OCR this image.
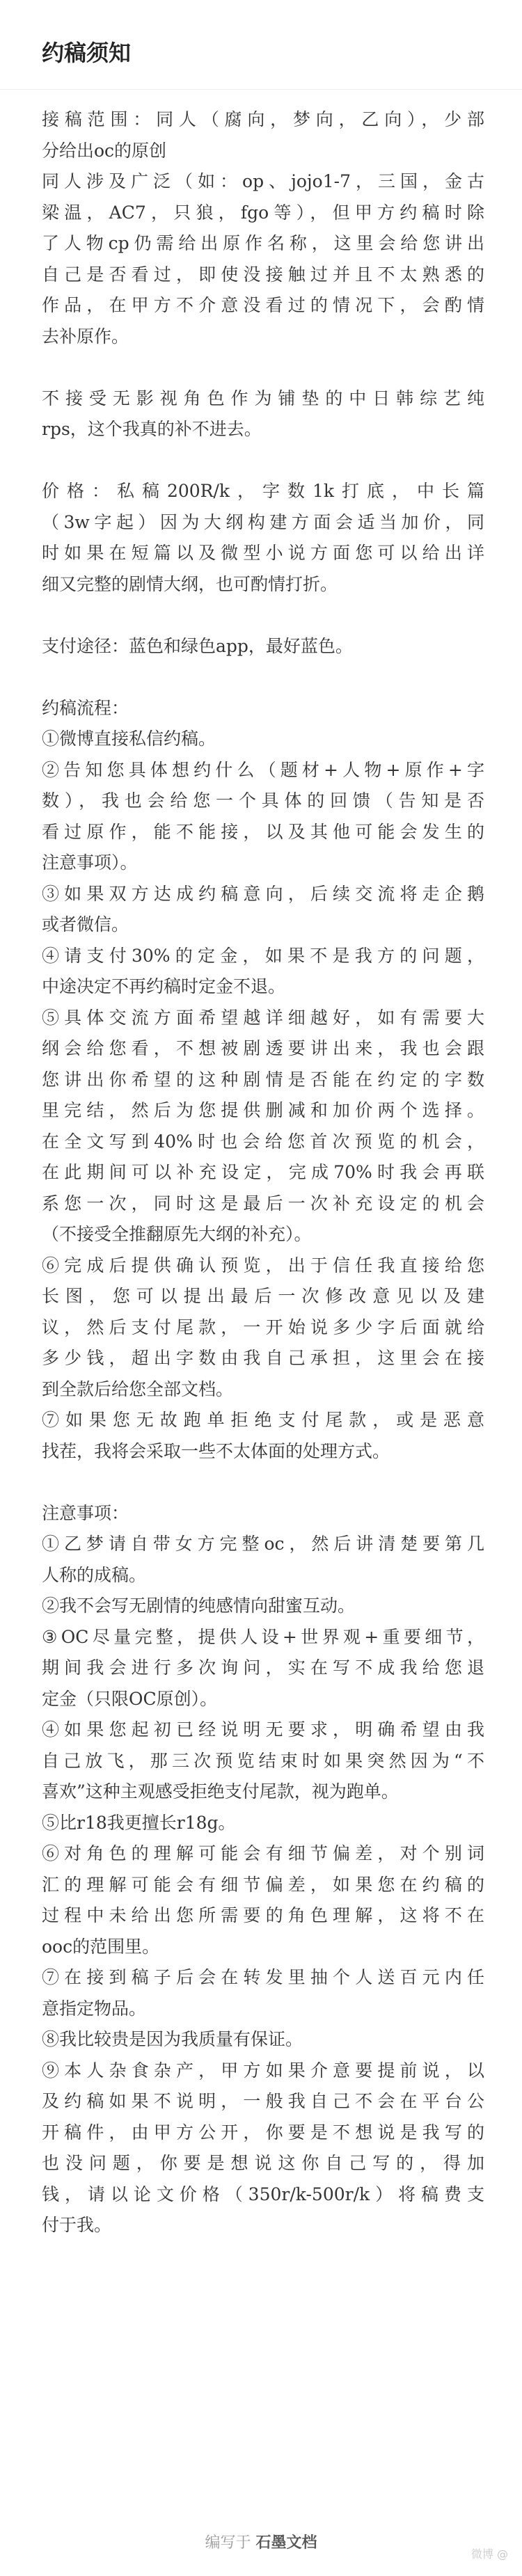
约稿须知

接稿范围：同人（腐向，梦向，乙向），少部

分给出oc的原创

同人涉及广泛（如：op、jojo1-7，三国，金古

梁温，AC7，只狼，fgo等），但甲方约稿时除

了人物cp仍需给出原作名称，这里会给您讲出

自己是否看过，即使没接触过并且不太熟悉的

作品，在甲方不介意没看过的情况下，会酌情

去补原作。

不接受无影视角色作为铺垫的中日韩综艺纯

rps，这个我真的补不进去。

价格：私稿200R/k，字数1k打底，中长篇

（3w字起）因为大纲构建方面会适当加价，同

时如果在短篇以及微型小说方面您可以给出详

细又完整的剧情大纲，也可酌情打折。

支付途径：蓝色和绿色app，最好蓝色。

约稿流程：

①微博直接私信约稿。

②告知您具体想约什么（题材+人物+原作+字

数），我也会给您一个具体的回馈（告知是否

看过原作，能不能接，以及其他可能会发生的

注意事项）。

③如果双方达成约稿意向，后续交流将走企鹅

或者微信。

④请支付30%的定金，如果不是我方的问题，

中途决定不再约稿时定金不退。

⑤具体交流方面希望越详细越好，如有需要大

纲会给您看，不想被剧透要讲出来，我也会跟

您讲出你希望的这种剧情是否能在约定的字数

里完结，然后为您提供删减和加价两个选择。

在全文写到40%时也会给您首次预览的机会，

在此期间可以补充设定，完成70%时我会再联

系您一次，同时这是最后一次补充设定的机会

（不接受全推翻原先大纲的补充）。

⑥完成后提供确认预览，出于信任我直接给您

长图，您可以提出最后一次修改意见以及建

议，然后支付尾款，一开始说多少字后面就给

多少钱，超出字数由我自己承担，这里会在接

到全款后给您全部文档。

⑦如果您无故跑单拒绝支付尾款，或是恶意

找茬，我将会采取一些不太体面的处理方式。

注意事项：

①乙梦请自带女方完整oc，然后讲清楚要第几

人称的成稿。

②我不会写无剧情的纯感情向甜蜜互动。

③OC尽量完整，提供人设+世界观+重要细节，

期间我会进行多次询问，实在写不成我给您退

定金（只限OC原创）。

④如果您起初已经说明无要求，明确希望由我

自己放飞，那三次预览结束时如果突然因为“不

喜欢”这种主观感受拒绝支付尾款，视为跑单。

⑤比r18我更擅长r18g。

⑥对角色的理解可能会有细节偏差，对个别词

汇的理解可能会有细节偏差，如果您在约稿的

过程中未给出您所需要的角色理解，这将不在

ooc的范围里。

⑦在接到稿子后会在转发里抽个人送百元内任

意指定物品。

⑧我比较贵是因为我质量有保证。

⑨本人杂食杂产，甲方如果介意要提前说，以

及约稿如果不说明，一般我自己不会在平台公

开稿件，由甲方公开，你要是不想说是我写的

也没问题，你要是想说这你自己写的，得加

钱，请以论文价格（350r/k-500r/k）将稿费支

付于我。

编写于 石墨文档
微博 @
